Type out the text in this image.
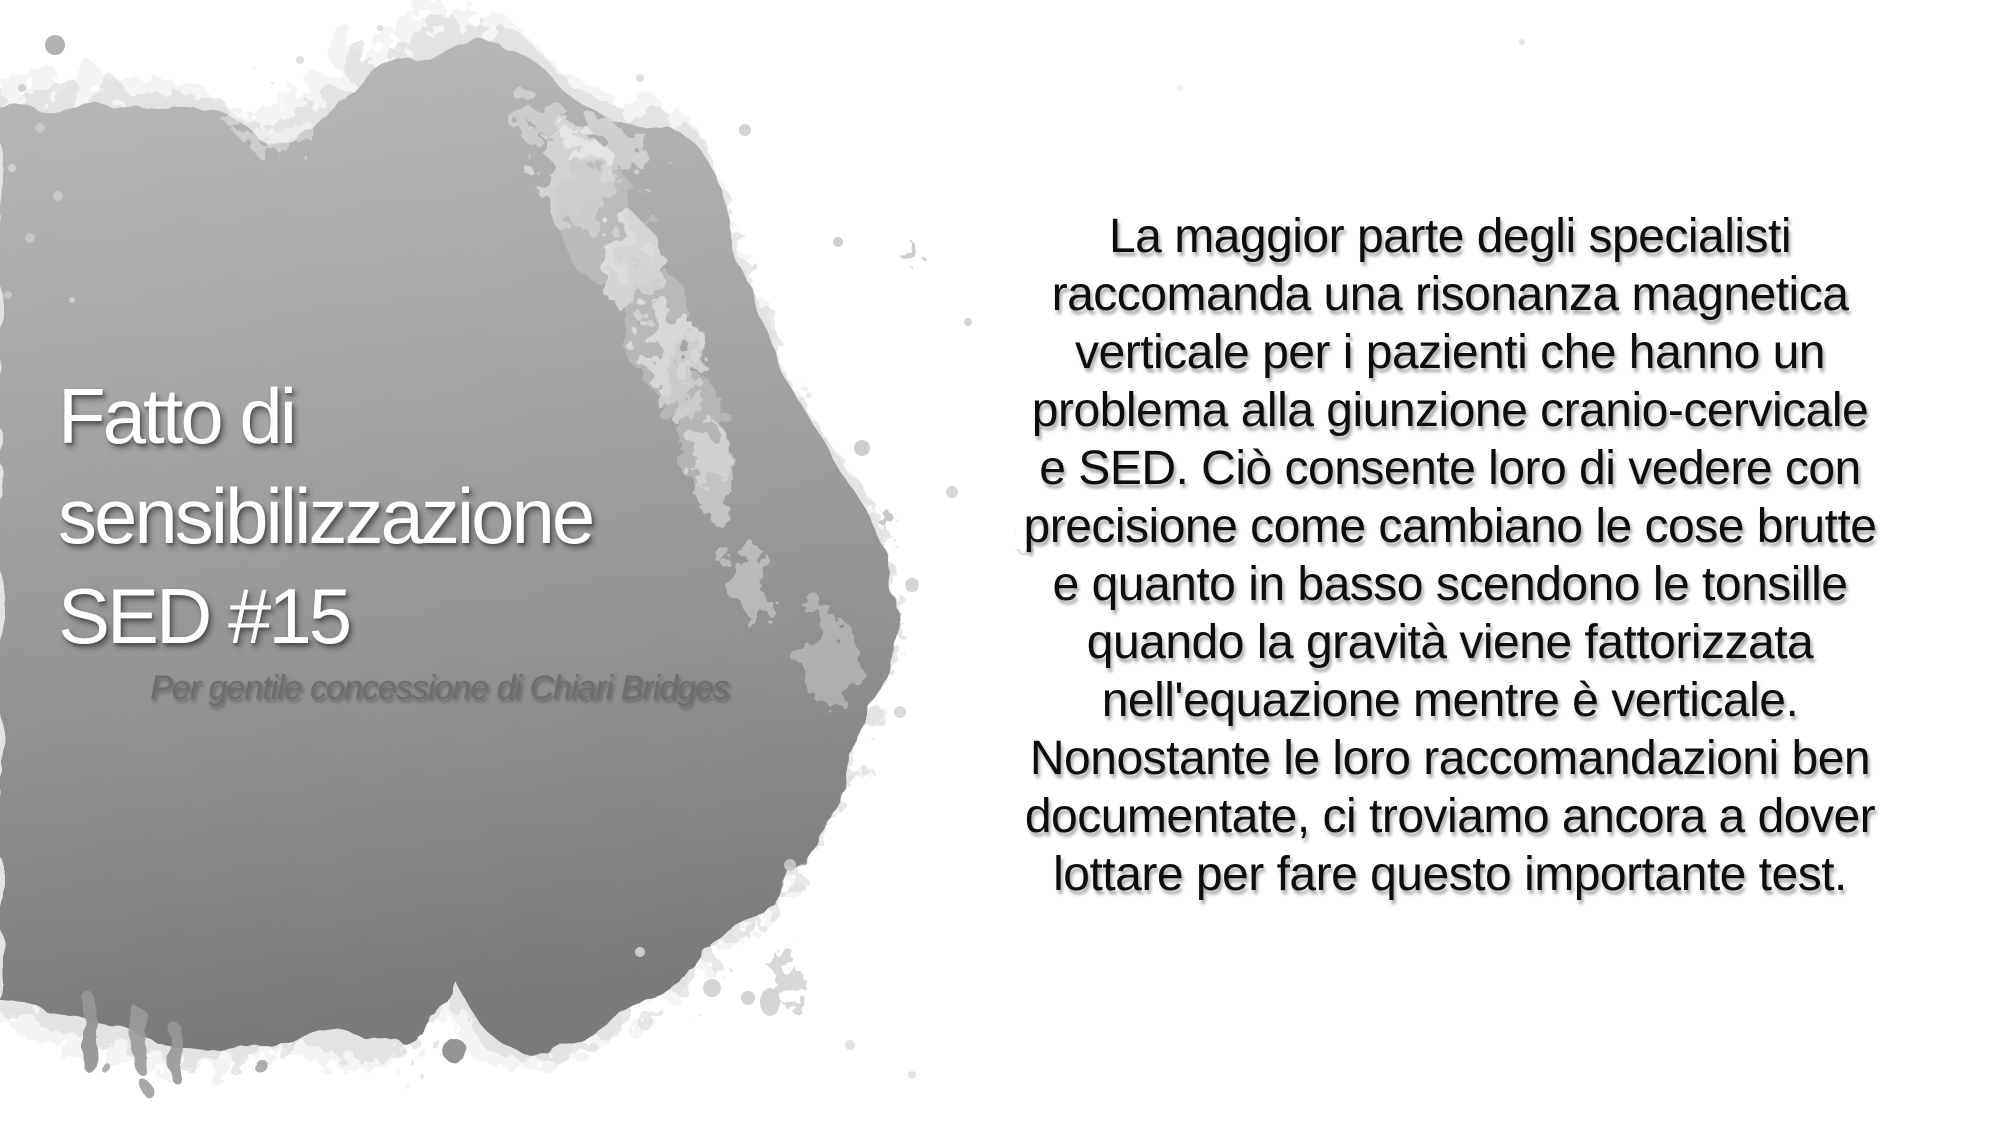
Fatto di
sensibilizzazione
SED #15
Per gentile concessione di Chiari Bridges
La maggior parte degli specialisti
raccomanda una risonanza magnetica
verticale per i pazienti che hanno un
problema alla giunzione cranio-cervicale
e SED. Ciò consente loro di vedere con
precisione come cambiano le cose brutte
e quanto in basso scendono le tonsille
quando la gravità viene fattorizzata
nell'equazione mentre è verticale.
Nonostante le loro raccomandazioni ben
documentate, ci troviamo ancora a dover
lottare per fare questo importante test.
